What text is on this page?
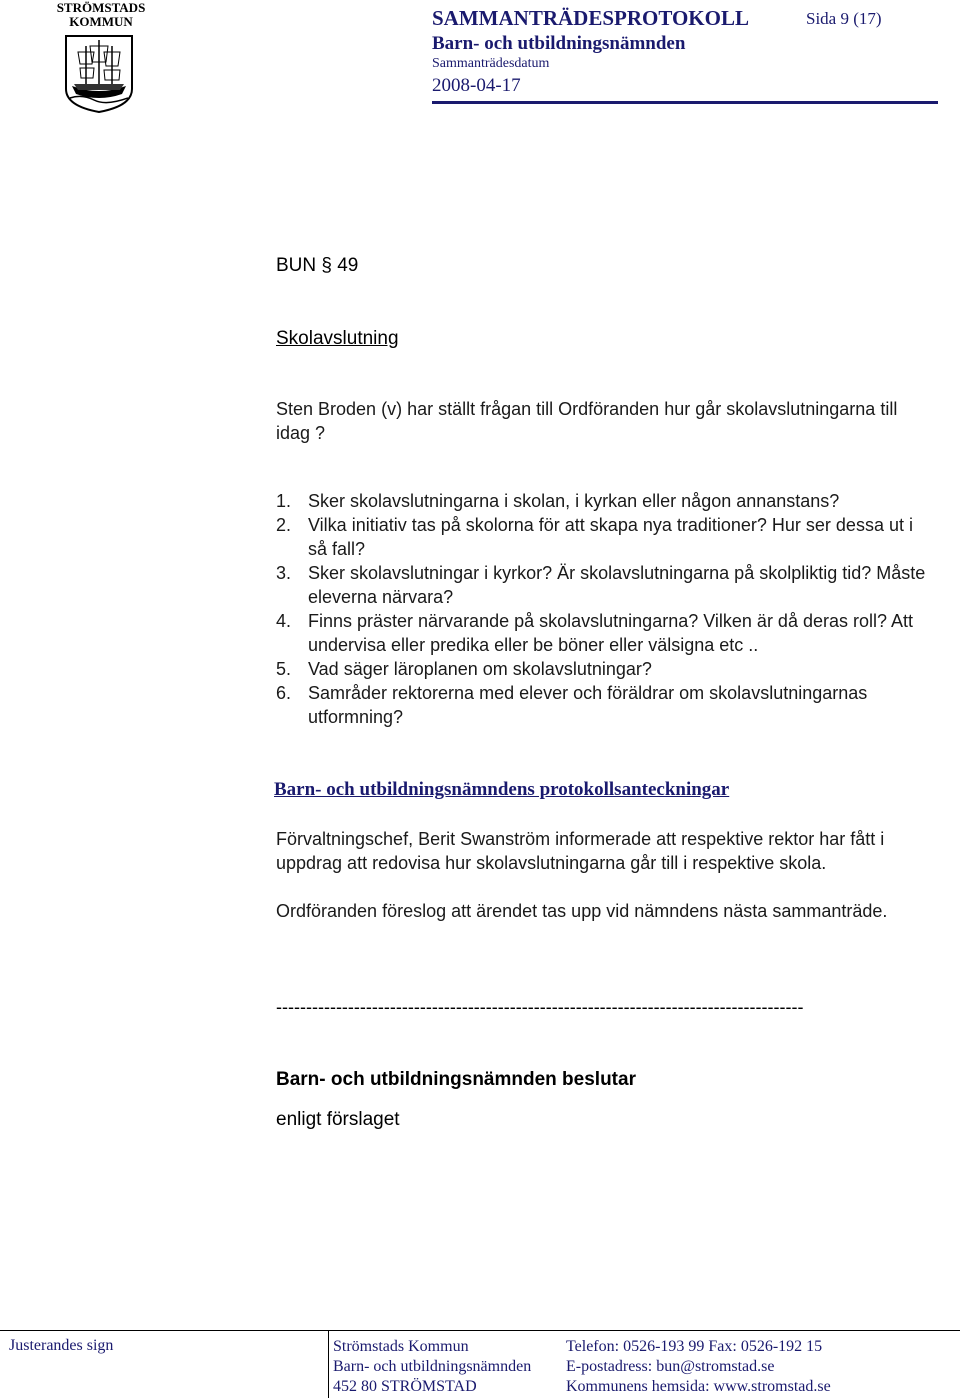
STRÖMSTADS
KOMMUN	SAMMANTRÄDESPROTOKOLL	Sida 9 (17)
Barn- och utbildningsnämnden
Sammanträdesdatum
2008-04-17
BUN § 49
Skolavslutning
Sten Broden (v) har ställt frågan till Ordföranden hur går skolavslutningarna till idag ?
1. Sker skolavslutningarna i skolan, i kyrkan eller någon annanstans?
2. Vilka initiativ tas på skolorna för att skapa nya traditioner? Hur ser dessa ut i så fall?
3. Sker skolavslutningar i kyrkor? Är skolavslutningarna på skolpliktig tid? Måste eleverna närvara?
4. Finns präster närvarande på skolavslutningarna? Vilken är då deras roll? Att undervisa eller predika eller be böner eller välsigna etc ..
5. Vad säger läroplanen om skolavslutningar?
6. Samråder rektorerna med elever och föräldrar om skolavslutningarnas utformning?
Barn- och utbildningsnämndens protokollsanteckningar
Förvaltningschef, Berit Swanström informerade att respektive rektor har fått i uppdrag att redovisa hur skolavslutningarna går till i respektive skola.
Ordföranden föreslog att ärendet tas upp vid nämndens nästa sammanträde.
----------------------------------------------------------------------------------------
Barn- och utbildningsnämnden beslutar
enligt förslaget
Justerandes sign	Strömstads Kommun
Barn- och utbildningsnämnden
452 80 STRÖMSTAD
Telefon: 0526-193 99 Fax: 0526-192 15
E-postadress: bun@stromstad.se
Kommunens hemsida: www.stromstad.se
